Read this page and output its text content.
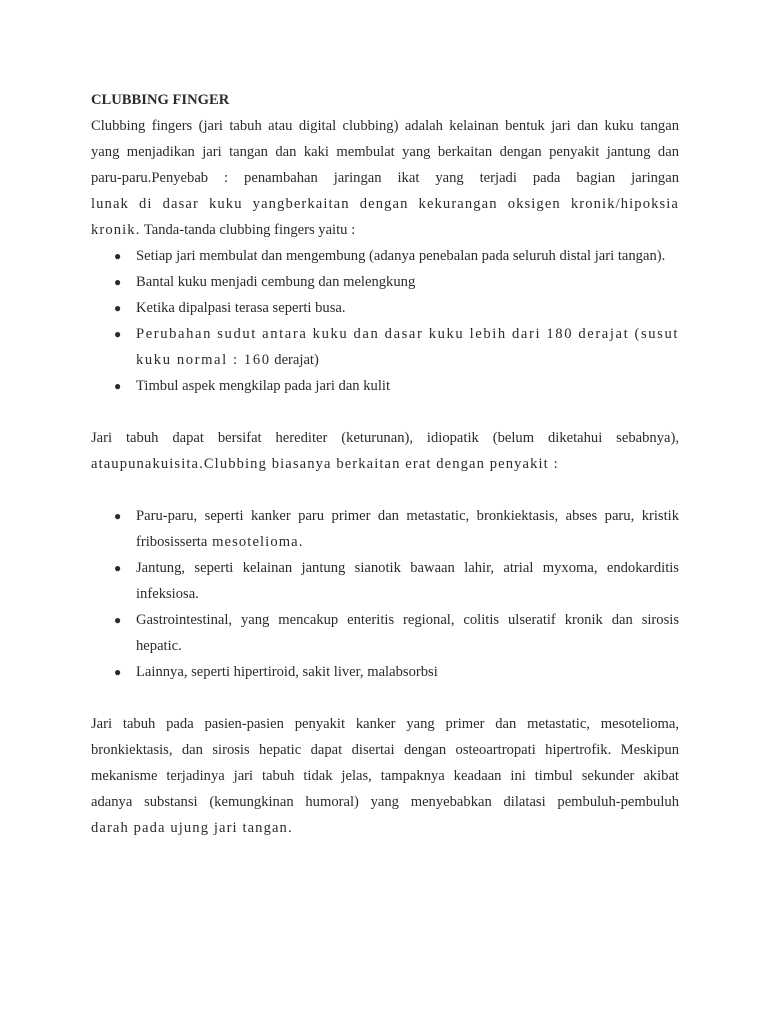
CLUBBING FINGER

Clubbing fingers (jari tabuh atau digital clubbing) adalah kelainan bentuk jari dan kuku tangan
yang menjadikan jari tangan dan kaki membulat yang berkaitan dengan penyakit jantung dan
paru-paru.Penyebab : penambahan jaringan ikat yang terjadi pada bagian jaringan
lunak di dasar kuku yangberkaitan dengan kekurangan oksigen kronik/hipoksia
kronik. Tanda-tanda clubbing fingers yaitu :
● Setiap jari membulat dan mengembung (adanya penebalan pada seluruh distal jari tangan).
● Bantal kuku menjadi cembung dan melengkung
● Ketika dipalpasi terasa seperti busa.
● Perubahan sudut antara kuku dan dasar kuku lebih dari 180 derajat (susut kuku normal : 160 derajat)
● Timbul aspek mengkilap pada jari dan kulit
Jari tabuh dapat bersifat herediter (keturunan), idiopatik (belum diketahui sebabnya),
ataupunakuisita.Clubbing biasanya berkaitan erat dengan penyakit :
● Paru-paru, seperti kanker paru primer dan metastatic, bronkiektasis, abses paru, kristik fribosisserta mesotelioma.
● Jantung, seperti kelainan jantung sianotik bawaan lahir, atrial myxoma, endokarditis infeksiosa.
● Gastrointestinal, yang mencakup enteritis regional, colitis ulseratif kronik dan sirosis hepatic.
● Lainnya, seperti hipertiroid, sakit liver, malabsorbsi
Jari tabuh pada pasien-pasien penyakit kanker yang primer dan metastatic, mesotelioma,
bronkiektasis, dan sirosis hepatic dapat disertai dengan osteoartropati hipertrofik. Meskipun
mekanisme terjadinya jari tabuh tidak jelas, tampaknya keadaan ini timbul sekunder akibat
adanya substansi (kemungkinan humoral) yang menyebabkan dilatasi pembuluh-pembuluh
darah pada ujung jari tangan.
